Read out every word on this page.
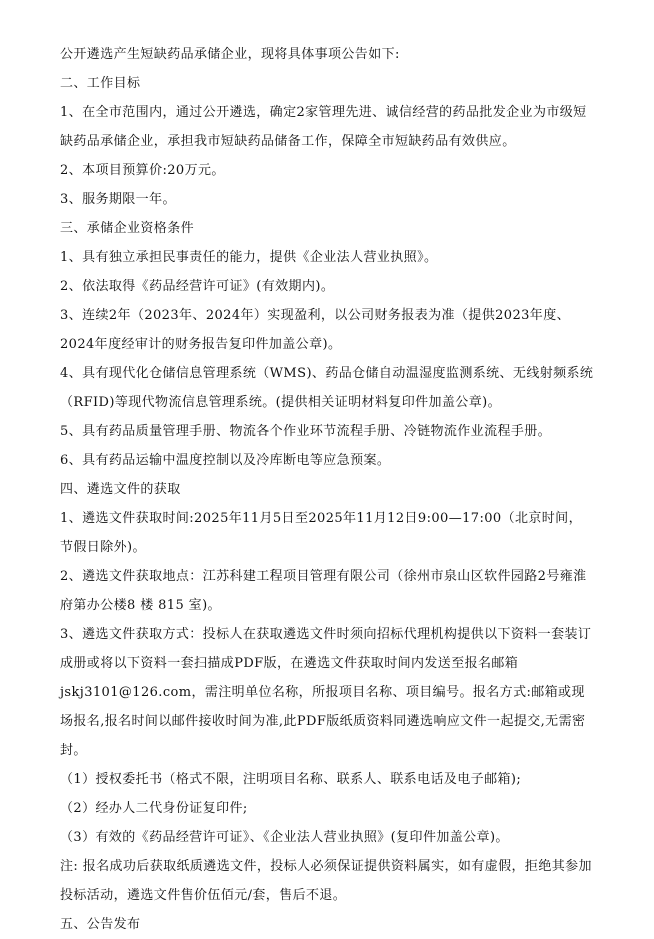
公开遴选产生短缺药品承储企业，现将具体事项公告如下:

二、工作目标

1、在全市范围内，通过公开遴选，确定2家管理先进、诚信经营的药品批发企业为市级短缺药品承储企业，承担我市短缺药品储备工作，保障全市短缺药品有效供应。

2、本项目预算价:20万元。

3、服务期限一年。

三、承储企业资格条件

1、具有独立承担民事责任的能力，提供《企业法人营业执照》。

2、依法取得《药品经营许可证》(有效期内)。

3、连续2年（2023年、2024年）实现盈利，以公司财务报表为准（提供2023年度、2024年度经审计的财务报告复印件加盖公章)。

4、具有现代化仓储信息管理系统（WMS)、药品仓储自动温湿度监测系统、无线射频系统（RFID)等现代物流信息管理系统。(提供相关证明材料复印件加盖公章)。

5、具有药品质量管理手册、物流各个作业环节流程手册、冷链物流作业流程手册。

6、具有药品运输中温度控制以及冷库断电等应急预案。

四、遴选文件的获取

1、遴选文件获取时间:2025年11月5日至2025年11月12日9:00—17:00（北京时间，节假日除外)。

2、遴选文件获取地点：江苏科建工程项目管理有限公司（徐州市泉山区软件园路2号雍淮府第办公楼8 楼 815 室)。

3、遴选文件获取方式：投标人在获取遴选文件时须向招标代理机构提供以下资料一套装订成册或将以下资料一套扫描成PDF版，在遴选文件获取时间内发送至报名邮箱

jskj3101@126.com，需注明单位名称，所报项目名称、项目编号。报名方式:邮箱或现场报名,报名时间以邮件接收时间为准,此PDF版纸质资料同遴选响应文件一起提交,无需密封。

（1）授权委托书（格式不限，注明项目名称、联系人、联系电话及电子邮箱);

（2）经办人二代身份证复印件;

（3）有效的《药品经营许可证》、《企业法人营业执照》(复印件加盖公章)。

注: 报名成功后获取纸质遴选文件，投标人必须保证提供资料属实，如有虚假，拒绝其参加投标活动，遴选文件售价伍佰元/套，售后不退。

五、公告发布
